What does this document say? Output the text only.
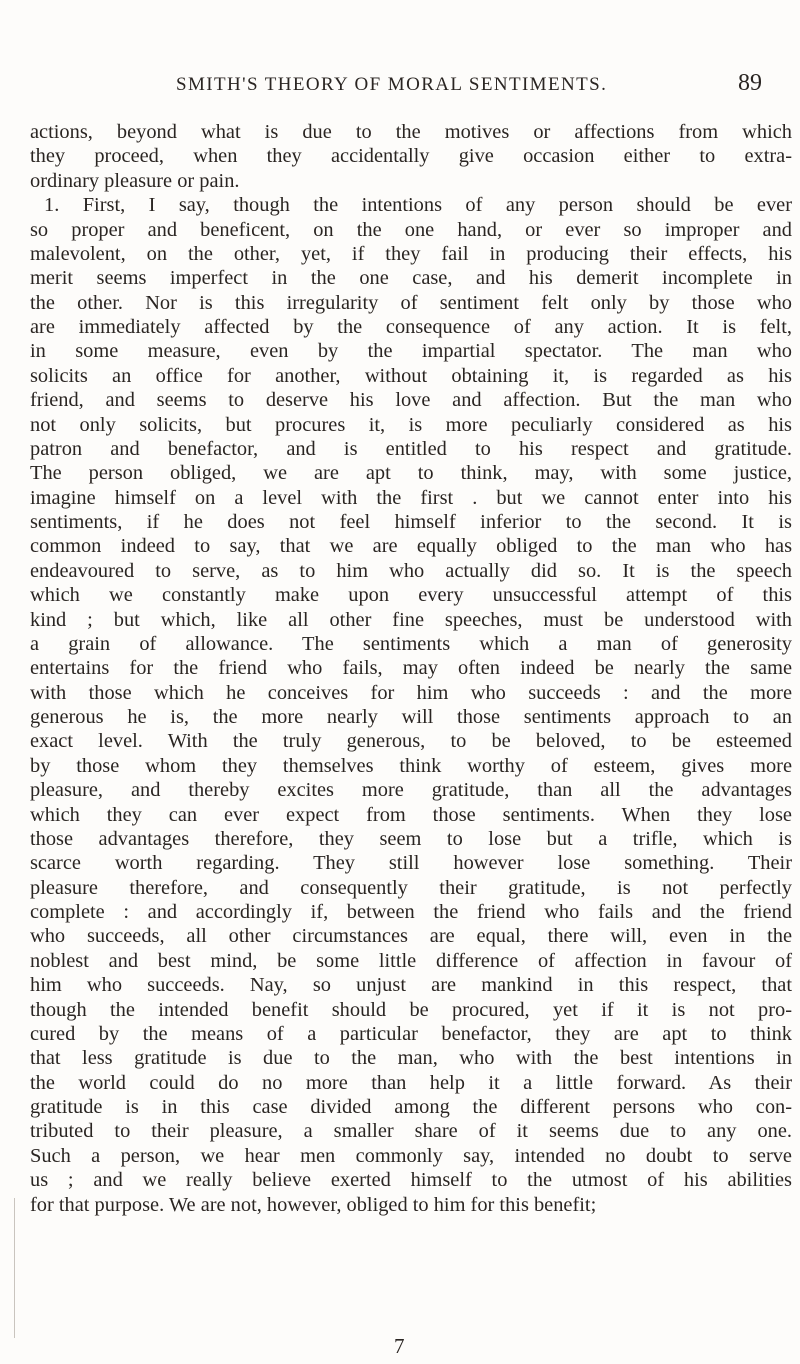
SMITH'S THEORY OF MORAL SENTIMENTS.	89
actions, beyond what is due to the motives or affections from which
they proceed, when they accidentally give occasion either to extra-
ordinary pleasure or pain.
1. First, I say, though the intentions of any person should be ever
so proper and beneficent, on the one hand, or ever so improper and
malevolent, on the other, yet, if they fail in producing their effects, his
merit seems imperfect in the one case, and his demerit incomplete in
the other. Nor is this irregularity of sentiment felt only by those who
are immediately affected by the consequence of any action. It is felt,
in some measure, even by the impartial spectator. The man who
solicits an office for another, without obtaining it, is regarded as his
friend, and seems to deserve his love and affection. But the man who
not only solicits, but procures it, is more peculiarly considered as his
patron and benefactor, and is entitled to his respect and gratitude.
The person obliged, we are apt to think, may, with some justice,
imagine himself on a level with the first . but we cannot enter into his
sentiments, if he does not feel himself inferior to the second. It is
common indeed to say, that we are equally obliged to the man who has
endeavoured to serve, as to him who actually did so. It is the speech
which we constantly make upon every unsuccessful attempt of this
kind ; but which, like all other fine speeches, must be understood with
a grain of allowance. The sentiments which a man of generosity
entertains for the friend who fails, may often indeed be nearly the same
with those which he conceives for him who succeeds : and the more
generous he is, the more nearly will those sentiments approach to an
exact level. With the truly generous, to be beloved, to be esteemed
by those whom they themselves think worthy of esteem, gives more
pleasure, and thereby excites more gratitude, than all the advantages
which they can ever expect from those sentiments. When they lose
those advantages therefore, they seem to lose but a trifle, which is
scarce worth regarding. They still however lose something. Their
pleasure therefore, and consequently their gratitude, is not perfectly
complete : and accordingly if, between the friend who fails and the friend
who succeeds, all other circumstances are equal, there will, even in the
noblest and best mind, be some little difference of affection in favour of
him who succeeds. Nay, so unjust are mankind in this respect, that
though the intended benefit should be procured, yet if it is not pro-
cured by the means of a particular benefactor, they are apt to think
that less gratitude is due to the man, who with the best intentions in
the world could do no more than help it a little forward. As their
gratitude is in this case divided among the different persons who con-
tributed to their pleasure, a smaller share of it seems due to any one.
Such a person, we hear men commonly say, intended no doubt to serve
us ; and we really believe exerted himself to the utmost of his abilities
for that purpose. We are not, however, obliged to him for this benefit;
7
